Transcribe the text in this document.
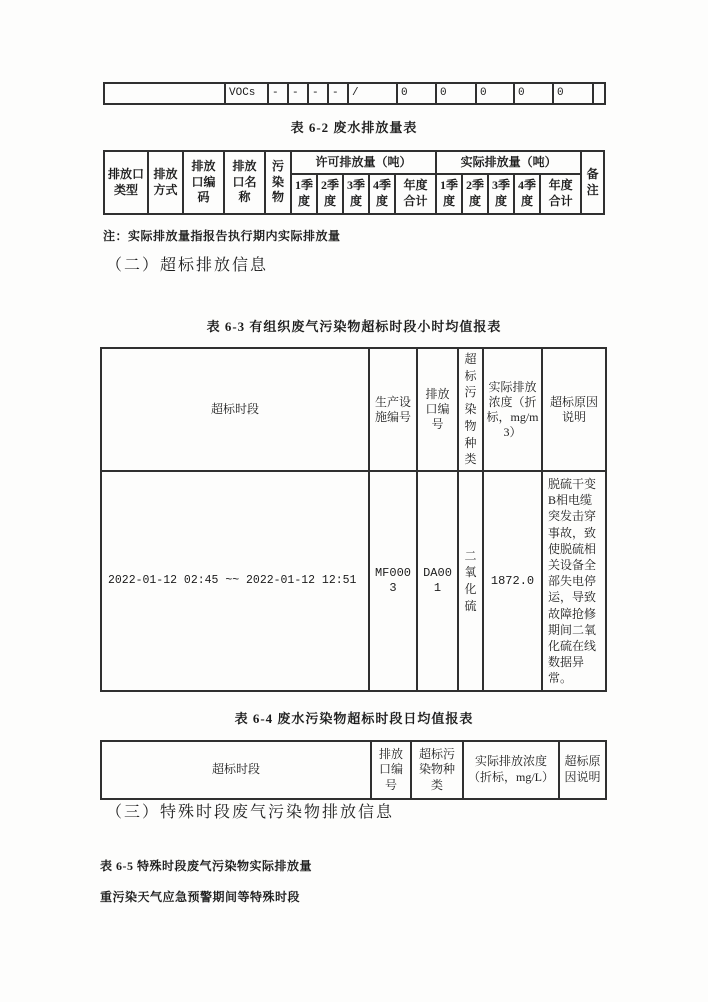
	VOCs	-	-	-	-	/	0	0	0	0	0	
表 6-2 废水排放量表
排放口类型	排放方式	排放口编码	排放口名称	污染物	许可排放量（吨）					实际排放量（吨）					备注
					1季度	2季度	3季度	4季度	年度合计	1季度	2季度	3季度	4季度	年度合计	
注：实际排放量指报告执行期内实际排放量
（二）超标排放信息
表 6-3 有组织废气污染物超标时段小时均值报表
超标时段	生产设施编号	排放口编号	超标污染物种类	实际排放浓度（折标，mg/m3）	超标原因说明
2022-01-12 02:45 ~~ 2022-01-12 12:51	MF0003	DA001	二氧化硫	1872.0	脱硫干变B相电缆突发击穿事故，致使脱硫相关设备全部失电停运，导致故障抢修期间二氧化硫在线数据异常。
表 6-4 废水污染物超标时段日均值报表
超标时段	排放口编号	超标污染物种类	实际排放浓度（折标，mg/L）	超标原因说明
（三）特殊时段废气污染物排放信息
表 6-5 特殊时段废气污染物实际排放量
重污染天气应急预警期间等特殊时段
